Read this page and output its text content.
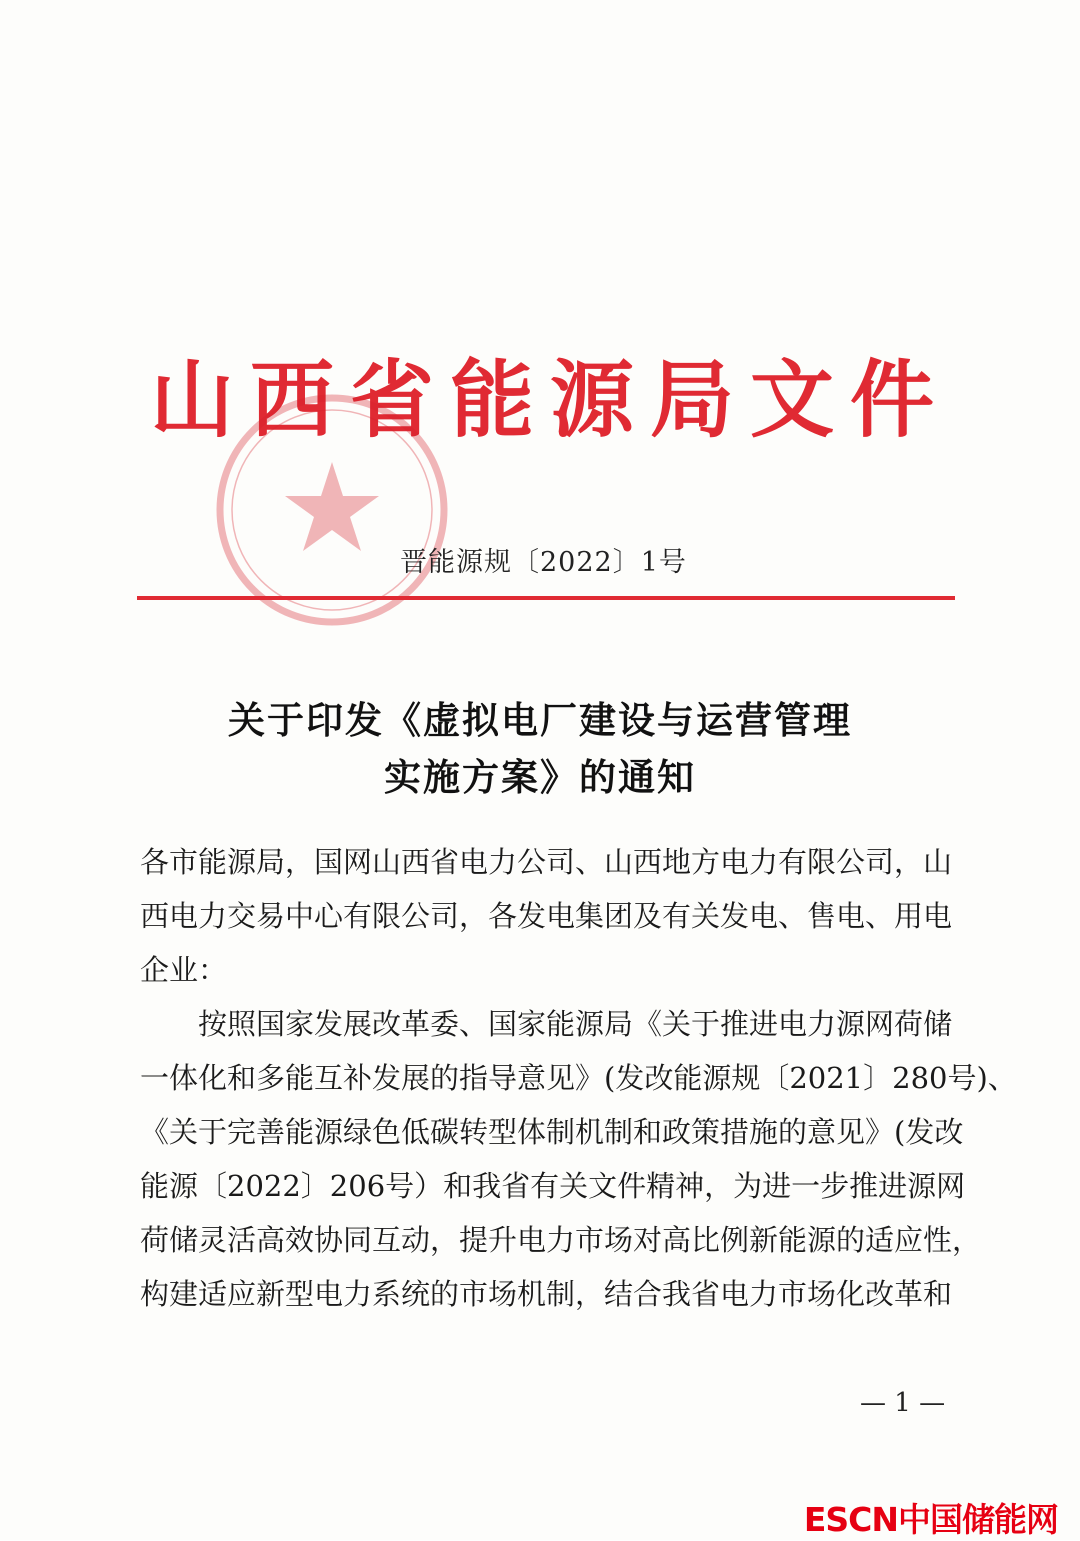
山西省能源局文件
晋能源规〔2022〕1号
关于印发《虚拟电厂建设与运营管理
实施方案》的通知
各市能源局，国网山西省电力公司、山西地方电力有限公司，山
西电力交易中心有限公司，各发电集团及有关发电、售电、用电
企业：
　　按照国家发展改革委、国家能源局《关于推进电力源网荷储
一体化和多能互补发展的指导意见》(发改能源规〔2021〕280号)、
《关于完善能源绿色低碳转型体制机制和政策措施的意见》(发改
能源〔2022〕206号）和我省有关文件精神，为进一步推进源网
荷储灵活高效协同互动，提升电力市场对高比例新能源的适应性，
构建适应新型电力系统的市场机制，结合我省电力市场化改革和
— 1 —
ESCN中国储能网
